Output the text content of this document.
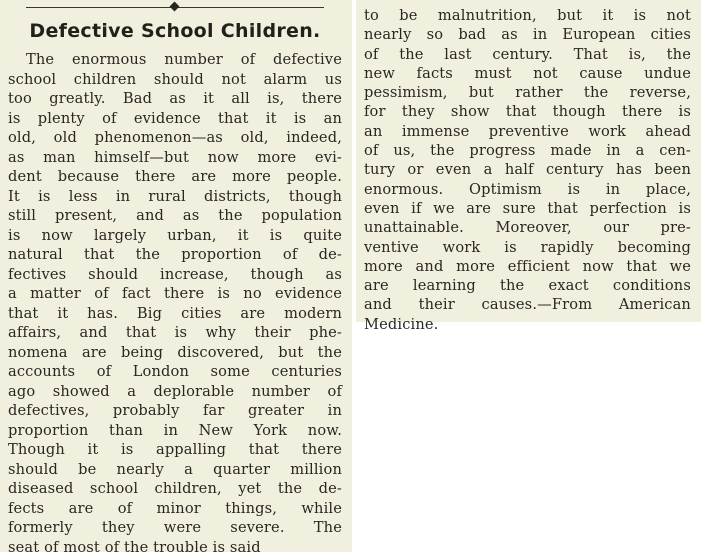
Defective School Children.
The enormous number of defective
school children should not alarm us
too greatly. Bad as it all is, there
is plenty of evidence that it is an
old, old phenomenon—as old, indeed,
as man himself—but now more evi-
dent because there are more people.
It is less in rural districts, though
still present, and as the population
is now largely urban, it is quite
natural that the proportion of de-
fectives should increase, though as
a matter of fact there is no evidence
that it has. Big cities are modern
affairs, and that is why their phe-
nomena are being discovered, but the
accounts of London some centuries
ago showed a deplorable number of
defectives, probably far greater in
proportion than in New York now.
Though it is appalling that there
should be nearly a quarter million
diseased school children, yet the de-
fects are of minor things, while
formerly they were severe. The
seat of most of the trouble is said
to be malnutrition, but it is not
nearly so bad as in European cities
of the last century. That is, the
new facts must not cause undue
pessimism, but rather the reverse,
for they show that though there is
an immense preventive work ahead
of us, the progress made in a cen-
tury or even a half century has been
enormous. Optimism is in place,
even if we are sure that perfection is
unattainable. Moreover, our pre-
ventive work is rapidly becoming
more and more efficient now that we
are learning the exact conditions
and their causes.—From American
Medicine.
